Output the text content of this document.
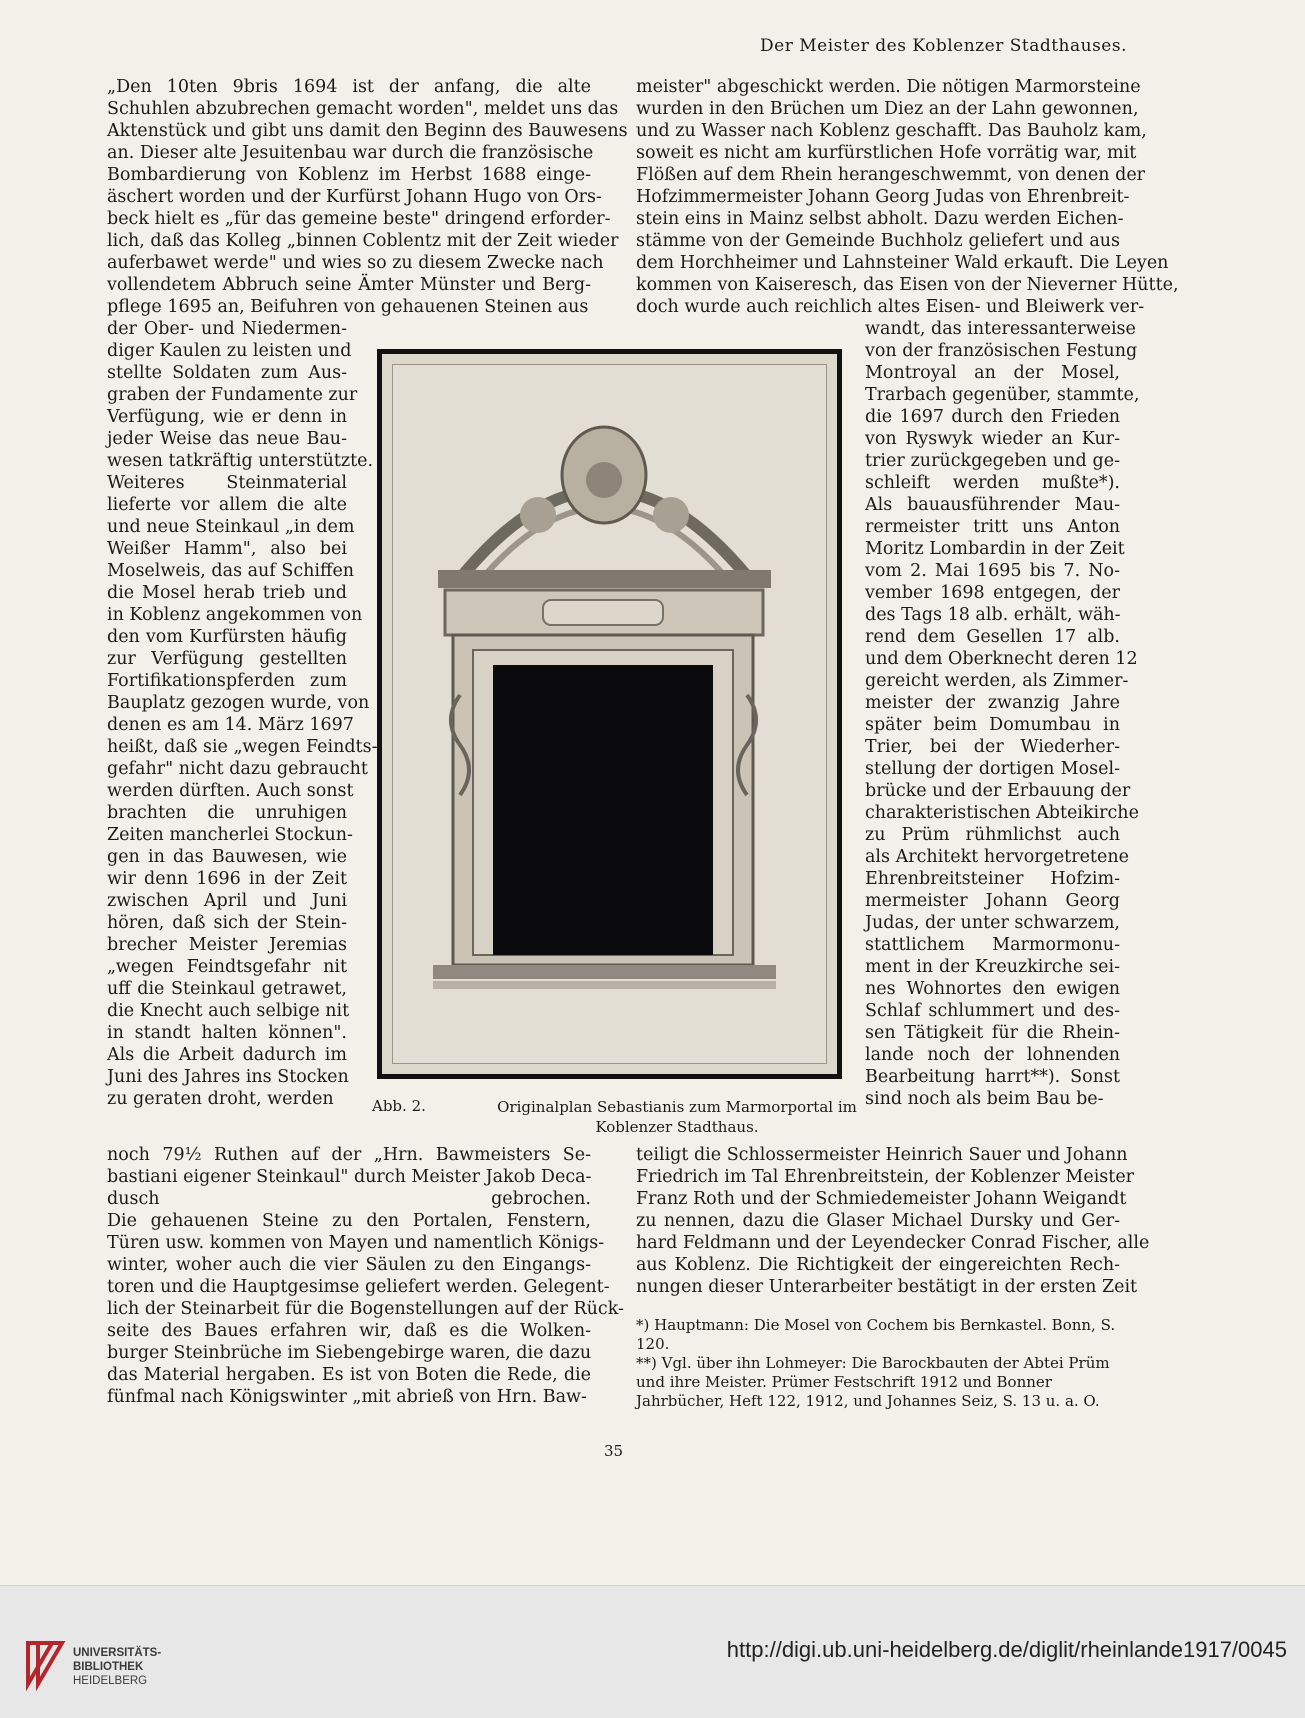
Der Meister des Koblenzer Stadthauses.
„Den 10ten 9bris 1694 ist der anfang, die alte
Schuhlen abzubrechen gemacht worden", meldet uns das
Aktenstück und gibt uns damit den Beginn des Bauwesens
an. Dieser alte Jesuitenbau war durch die französische
Bombardierung von Koblenz im Herbst 1688 einge-
äschert worden und der Kurfürst Johann Hugo von Ors-
beck hielt es „für das gemeine beste" dringend erforder-
lich, daß das Kolleg „binnen Coblentz mit der Zeit wieder
auferbawet werde" und wies so zu diesem Zwecke nach
vollendetem Abbruch seine Ämter Münster und Berg-
pflege 1695 an, Beifuhren von gehauenen Steinen aus
meister" abgeschickt werden. Die nötigen Marmorsteine
wurden in den Brüchen um Diez an der Lahn gewonnen,
und zu Wasser nach Koblenz geschafft. Das Bauholz kam,
soweit es nicht am kurfürstlichen Hofe vorrätig war, mit
Flößen auf dem Rhein herangeschwemmt, von denen der
Hofzimmermeister Johann Georg Judas von Ehrenbreit-
stein eins in Mainz selbst abholt. Dazu werden Eichen-
stämme von der Gemeinde Buchholz geliefert und aus
dem Horchheimer und Lahnsteiner Wald erkauft. Die Leyen
kommen von Kaiseresch, das Eisen von der Nieverner Hütte,
doch wurde auch reichlich altes Eisen- und Bleiwerk ver-
der Ober- und Niedermen-
diger Kaulen zu leisten und
stellte Soldaten zum Aus-
graben der Fundamente zur
Verfügung, wie er denn in
jeder Weise das neue Bau-
wesen tatkräftig unterstützte.
Weiteres Steinmaterial
lieferte vor allem die alte
und neue Steinkaul „in dem
Weißer Hamm", also bei
Moselweis, das auf Schiffen
die Mosel herab trieb und
in Koblenz angekommen von
den vom Kurfürsten häufig
zur Verfügung gestellten
Fortifikationspferden zum
Bauplatz gezogen wurde, von
denen es am 14. März 1697
heißt, daß sie „wegen Feindts-
gefahr" nicht dazu gebraucht
werden dürften. Auch sonst
brachten die unruhigen
Zeiten mancherlei Stockun-
gen in das Bauwesen, wie
wir denn 1696 in der Zeit
zwischen April und Juni
hören, daß sich der Stein-
brecher Meister Jeremias
„wegen Feindtsgefahr nit
uff die Steinkaul getrawet,
die Knecht auch selbige nit
in standt halten können".
Als die Arbeit dadurch im
Juni des Jahres ins Stocken
zu geraten droht, werden
wandt, das interessanterweise
von der französischen Festung
Montroyal an der Mosel,
Trarbach gegenüber, stammte,
die 1697 durch den Frieden
von Ryswyk wieder an Kur-
trier zurückgegeben und ge-
schleift werden mußte*).
Als bauausführender Mau-
rermeister tritt uns Anton
Moritz Lombardin in der Zeit
vom 2. Mai 1695 bis 7. No-
vember 1698 entgegen, der
des Tags 18 alb. erhält, wäh-
rend dem Gesellen 17 alb.
und dem Oberknecht deren 12
gereicht werden, als Zimmer-
meister der zwanzig Jahre
später beim Domumbau in
Trier, bei der Wiederher-
stellung der dortigen Mosel-
brücke und der Erbauung der
charakteristischen Abteikirche
zu Prüm rühmlichst auch
als Architekt hervorgetretene
Ehrenbreitsteiner Hofzim-
mermeister Johann Georg
Judas, der unter schwarzem,
stattlichem Marmormonu-
ment in der Kreuzkirche sei-
nes Wohnortes den ewigen
Schlaf schlummert und des-
sen Tätigkeit für die Rhein-
lande noch der lohnenden
Bearbeitung harrt**). Sonst
sind noch als beim Bau be-
Abb. 2.	Originalplan Sebastianis zum Marmorportal im Koblenzer Stadthaus.
noch 79½ Ruthen auf der „Hrn. Bawmeisters Se-
bastiani eigener Steinkaul" durch Meister Jakob Deca-
dusch gebrochen.
Die gehauenen Steine zu den Portalen, Fenstern,
Türen usw. kommen von Mayen und namentlich Königs-
winter, woher auch die vier Säulen zu den Eingangs-
toren und die Hauptgesimse geliefert werden. Gelegent-
lich der Steinarbeit für die Bogenstellungen auf der Rück-
seite des Baues erfahren wir, daß es die Wolken-
burger Steinbrüche im Siebengebirge waren, die dazu
das Material hergaben. Es ist von Boten die Rede, die
fünfmal nach Königswinter „mit abrieß von Hrn. Baw-
teiligt die Schlossermeister Heinrich Sauer und Johann
Friedrich im Tal Ehrenbreitstein, der Koblenzer Meister
Franz Roth und der Schmiedemeister Johann Weigandt
zu nennen, dazu die Glaser Michael Dursky und Ger-
hard Feldmann und der Leyendecker Conrad Fischer, alle
aus Koblenz. Die Richtigkeit der eingereichten Rech-
nungen dieser Unterarbeiter bestätigt in der ersten Zeit

*) Hauptmann: Die Mosel von Cochem bis Bernkastel. Bonn, S. 120.

**) Vgl. über ihn Lohmeyer: Die Barockbauten der Abtei Prüm und ihre Meister. Prümer Festschrift 1912 und Bonner Jahrbücher, Heft 122, 1912, und Johannes Seiz, S. 13 u. a. O.

35
UNIVERSITÄTS-
BIBLIOTHEK
HEIDELBERG
http://digi.ub.uni-heidelberg.de/diglit/rheinlande1917/0045
